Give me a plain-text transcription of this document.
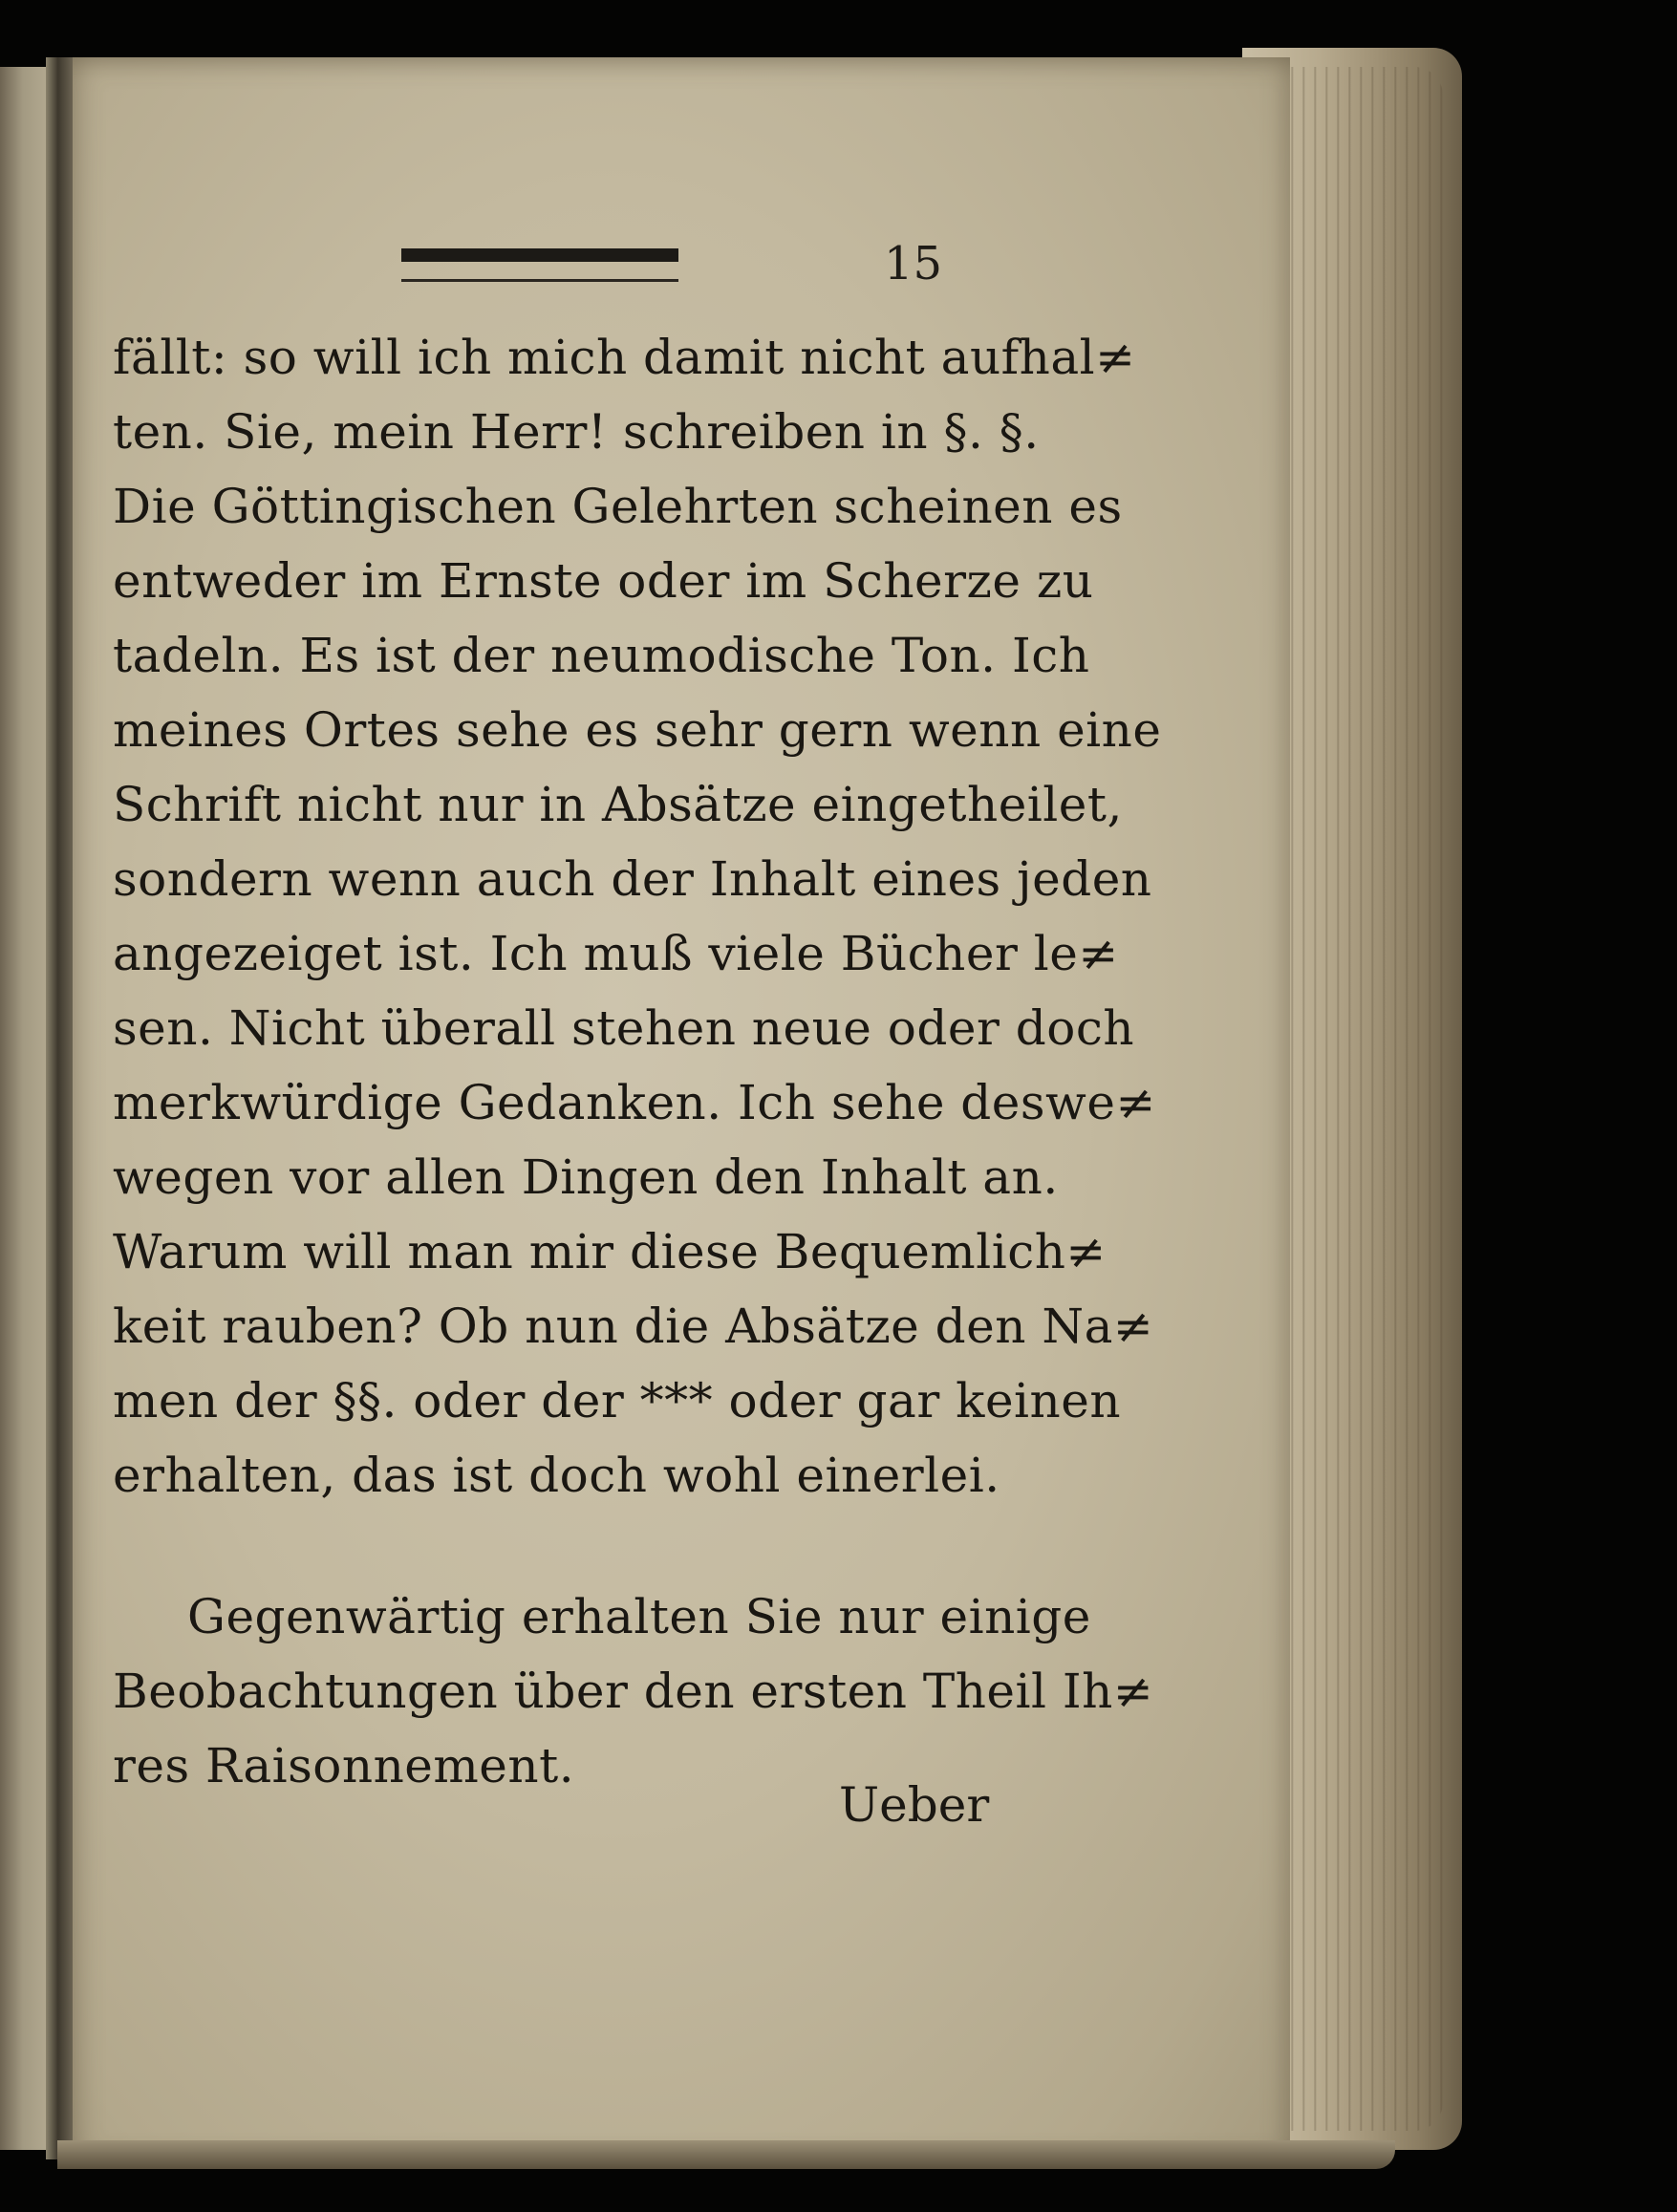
15
fällt: so will ich mich damit nicht aufhal≠
ten. Sie, mein Herr! schreiben in §. §.
Die Göttingischen Gelehrten scheinen es
entweder im Ernste oder im Scherze zu
tadeln. Es ist der neumodische Ton. Ich
meines Ortes sehe es sehr gern wenn eine
Schrift nicht nur in Absätze eingetheilet,
sondern wenn auch der Inhalt eines jeden
angezeiget ist. Ich muß viele Bücher le≠
sen. Nicht überall stehen neue oder doch
merkwürdige Gedanken. Ich sehe deswe≠
wegen vor allen Dingen den Inhalt an.
Warum will man mir diese Bequemlich≠
keit rauben? Ob nun die Absätze den Na≠
men der §§. oder der *** oder gar keinen
erhalten, das ist doch wohl einerlei.
Gegenwärtig erhalten Sie nur einige
Beobachtungen über den ersten Theil Ih≠
res Raisonnement.
Ueber
